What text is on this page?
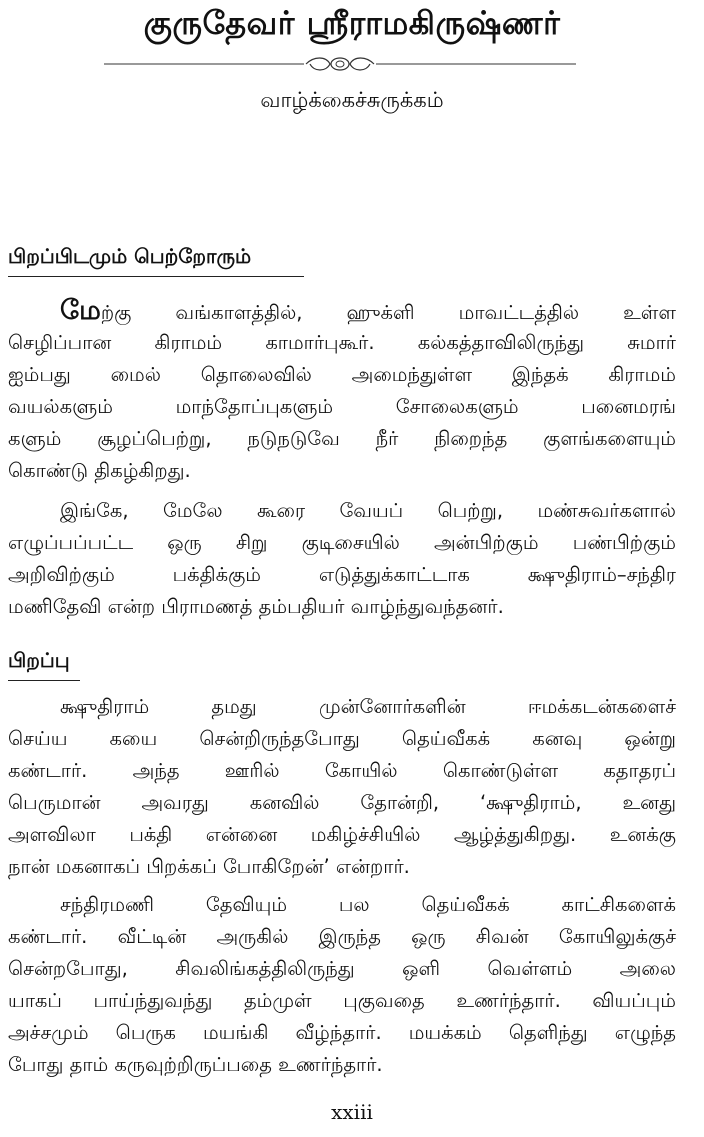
குருதேவர் ஸ்ரீராமகிருஷ்ணர்
வாழ்க்கைச்சுருக்கம்
பிறப்பிடமும் பெற்றோரும்
மேற்கு வங்காளத்தில், ஹுக்ளி மாவட்டத்தில் உள்ள
செழிப்பான கிராமம் காமார்புகூர். கல்கத்தாவிலிருந்து சுமார்
ஐம்பது மைல் தொலைவில் அமைந்துள்ள இந்தக் கிராமம்
வயல்களும் மாந்தோப்புகளும் சோலைகளும் பனைமரங்
களும் சூழப்பெற்று, நடுநடுவே நீர் நிறைந்த குளங்களையும்
கொண்டு திகழ்கிறது.
இங்கே, மேலே கூரை வேயப் பெற்று, மண்சுவர்களால்
எழுப்பப்பட்ட ஒரு சிறு குடிசையில் அன்பிற்கும் பண்பிற்கும்
அறிவிற்கும் பக்திக்கும் எடுத்துக்காட்டாக க்ஷுதிராம்–சந்திர
மணிதேவி என்ற பிராமணத் தம்பதியர் வாழ்ந்துவந்தனர்.
பிறப்பு
க்ஷுதிராம் தமது முன்னோர்களின் ஈமக்கடன்களைச்
செய்ய கயை சென்றிருந்தபோது தெய்வீகக் கனவு ஒன்று
கண்டார். அந்த ஊரில் கோயில் கொண்டுள்ள கதாதரப்
பெருமான் அவரது கனவில் தோன்றி, ‘க்ஷுதிராம், உனது
அளவிலா பக்தி என்னை மகிழ்ச்சியில் ஆழ்த்துகிறது. உனக்கு
நான் மகனாகப் பிறக்கப் போகிறேன்’ என்றார்.
சந்திரமணி தேவியும் பல தெய்வீகக் காட்சிகளைக்
கண்டார். வீட்டின் அருகில் இருந்த ஒரு சிவன் கோயிலுக்குச்
சென்றபோது, சிவலிங்கத்திலிருந்து ஒளி வெள்ளம் அலை
யாகப் பாய்ந்துவந்து தம்முள் புகுவதை உணர்ந்தார். வியப்பும்
அச்சமும் பெருக மயங்கி வீழ்ந்தார். மயக்கம் தெளிந்து எழுந்த
போது தாம் கருவுற்றிருப்பதை உணர்ந்தார்.
xxiii
